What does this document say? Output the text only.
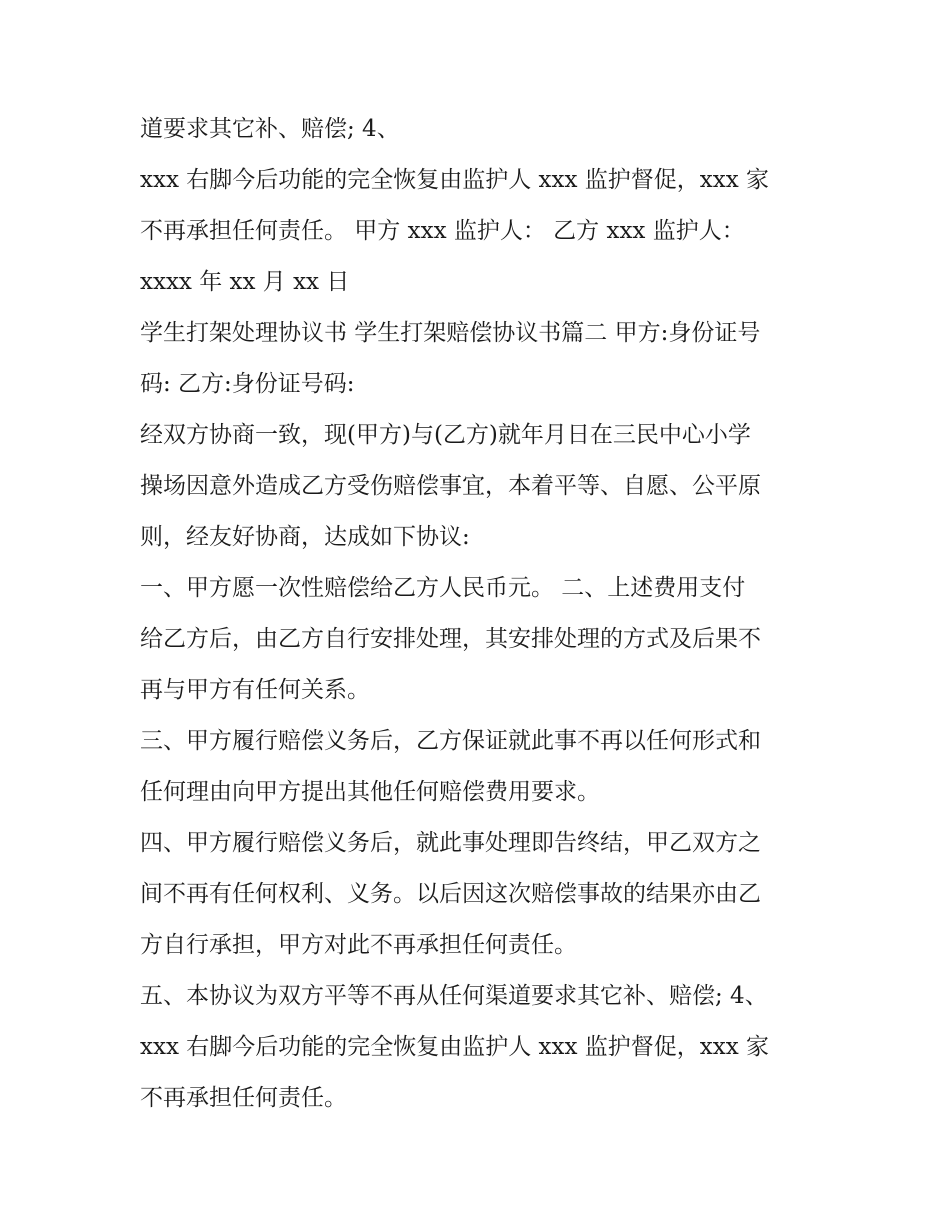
道要求其它补、赔偿; 4、
xxx 右脚今后功能的完全恢复由监护人 xxx 监护督促，xxx 家
不再承担任何责任。 甲方 xxx 监护人： 乙方 xxx 监护人：
xxxx 年 xx 月 xx 日
学生打架处理协议书 学生打架赔偿协议书篇二 甲方:身份证号
码: 乙方:身份证号码:
经双方协商一致，现(甲方)与(乙方)就年月日在三民中心小学
操场因意外造成乙方受伤赔偿事宜，本着平等、自愿、公平原
则，经友好协商，达成如下协议:
一、甲方愿一次性赔偿给乙方人民币元。 二、上述费用支付
给乙方后，由乙方自行安排处理，其安排处理的方式及后果不
再与甲方有任何关系。
三、甲方履行赔偿义务后，乙方保证就此事不再以任何形式和
任何理由向甲方提出其他任何赔偿费用要求。
四、甲方履行赔偿义务后，就此事处理即告终结，甲乙双方之
间不再有任何权利、义务。以后因这次赔偿事故的结果亦由乙
方自行承担，甲方对此不再承担任何责任。
五、本协议为双方平等不再从任何渠道要求其它补、赔偿; 4、
xxx 右脚今后功能的完全恢复由监护人 xxx 监护督促，xxx 家
不再承担任何责任。
